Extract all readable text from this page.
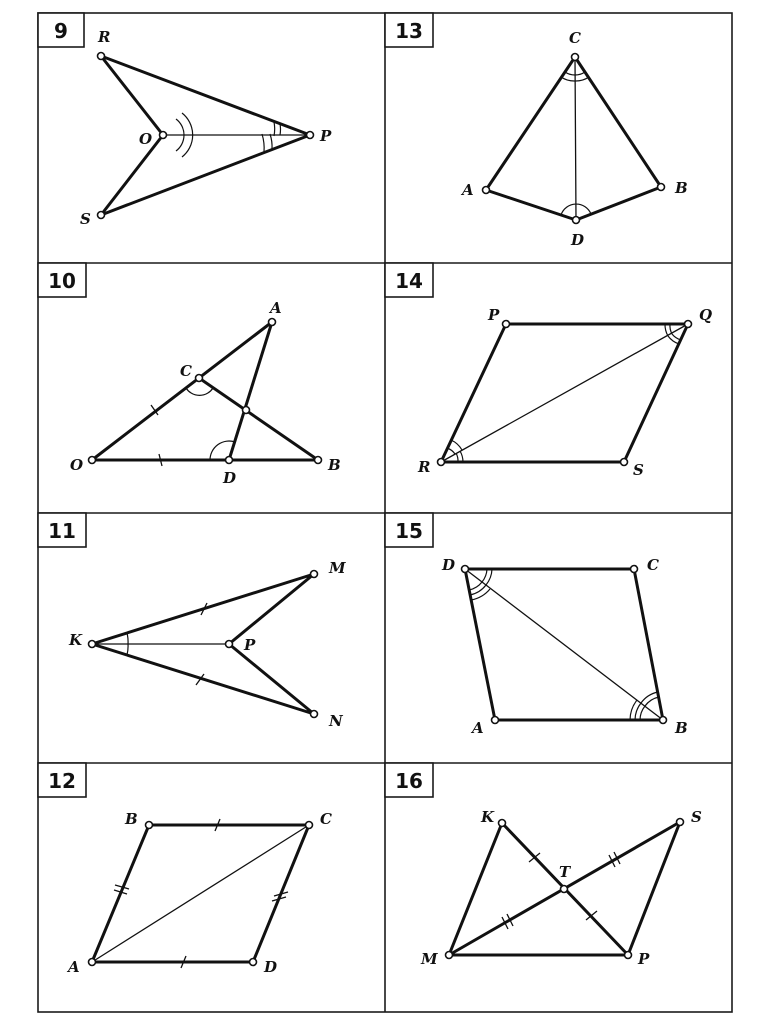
9 R
O	P
S
13	C
A	B
D
10
A
C
O
D
B
14
P	Q
R	S
11
K
M
P
N
15
D	C
B
A
12
B	C
A	D
16
K	S
T
M	P
